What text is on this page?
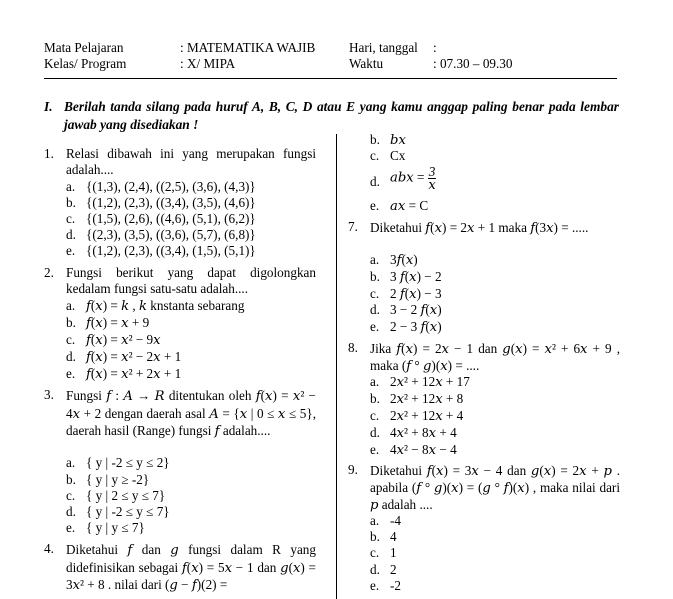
Mata Pelajaran	: MATEMATIKA WAJIB	Hari, tanggal :
Kelas/ Program	: X/ MIPA	Waktu	: 07.30 – 09.30
I. Berilah tanda silang pada huruf A, B, C, D atau E yang kamu anggap paling benar pada lembar jawab yang disediakan !
1. Relasi dibawah ini yang merupakan fungsi adalah....
a. {(1,3), (2,4), ((2,5), (3,6), (4,3)}
b. {(1,2), (2,3), ((3,4), (3,5), (4,6)}
c. {(1,5), (2,6), ((4,6), (5,1), (6,2)}
d. {(2,3), (3,5), ((3,6), (5,7), (6,8)}
e. {(1,2), (2,3), ((3,4), (1,5), (5,1)}
2. Fungsi berikut yang dapat digolongkan kedalam fungsi satu-satu adalah....
a. 𝑓(𝑥) = 𝑘 , 𝑘 knstanta sebarang
b. 𝑓(𝑥) = 𝑥 + 9
c. 𝑓(𝑥) = 𝑥² − 9𝑥
d. 𝑓(𝑥) = 𝑥² − 2𝑥 + 1
e. 𝑓(𝑥) = 𝑥² + 2𝑥 + 1
3. Fungsi 𝑓 : 𝐴 → 𝑅 ditentukan oleh 𝑓(𝑥) = 𝑥² − 4𝑥 + 2 dengan daerah asal 𝐴 = {𝑥 | 0 ≤ 𝑥 ≤ 5}, daerah hasil (Range) fungsi 𝑓 adalah....
a. { y | -2 ≤ y ≤ 2}
b. { y | y ≥ -2}
c. { y | 2 ≤ y ≤ 7}
d. { y | -2 ≤ y ≤ 7}
e. { y | y ≤ 7}
4. Diketahui 𝑓 dan 𝑔 fungsi dalam R yang didefinisikan sebagai 𝑓(𝑥) = 5𝑥 − 1 dan 𝑔(𝑥) = 3𝑥² + 8 . nilai dari (𝑔 − 𝑓)(2) =
b. 𝑏𝑥
c. Cx
d. 𝑎𝑏𝑥 = $\frac{3}{\text{𝑥}}$
e. 𝑎𝑥 = C
7. Diketahui 𝑓(𝑥) = 2𝑥 + 1 maka 𝑓(3𝑥) = .....
a. 3𝑓(𝑥)
b. 3 𝑓(𝑥) − 2
c. 2 𝑓(𝑥) − 3
d. 3 − 2 𝑓(𝑥)
e. 2 − 3 𝑓(𝑥)
8. Jika 𝑓(𝑥) = 2𝑥 − 1 dan 𝑔(𝑥) = 𝑥² + 6𝑥 + 9 , maka (𝑓 ° 𝑔)(𝑥) = ....
a. 2𝑥² + 12𝑥 + 17
b. 2𝑥² + 12𝑥 + 8
c. 2𝑥² + 12𝑥 + 4
d. 4𝑥² + 8𝑥 + 4
e. 4𝑥² − 8𝑥 − 4
9. Diketahui 𝑓(𝑥) = 3𝑥 − 4 dan 𝑔(𝑥) = 2𝑥 + 𝑝 . apabila (𝑓 ° 𝑔)(𝑥) = (𝑔 ° 𝑓)(𝑥) , maka nilai dari 𝑝 adalah ....
a. -4
b. 4
c. 1
d. 2
e. -2
